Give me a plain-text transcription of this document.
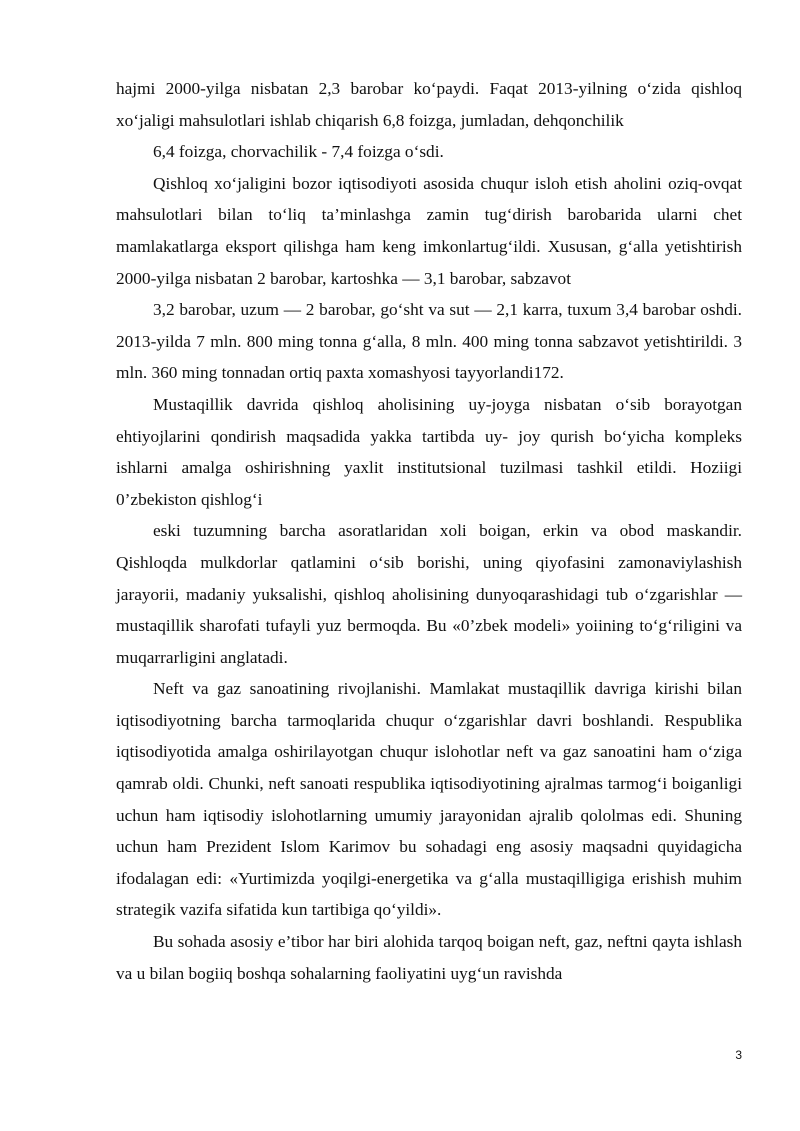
hajmi 2000-yilga nisbatan 2,3 barobar ko‘paydi. Faqat 2013-yilning o‘zida qishloq xo‘jaligi mahsulotlari ishlab chiqarish 6,8 foizga, jumladan, dehqonchilik

6,4 foizga, chorvachilik - 7,4 foizga o‘sdi.

Qishloq xo‘jaligini bozor iqtisodiyoti asosida chuqur isloh etish aholini oziq-ovqat mahsulotlari bilan to‘liq ta’minlashga zamin tug‘dirish barobarida ularni chet mamlakatlarga eksport qilishga ham keng imkonlartug‘ildi. Xususan, g‘alla yetishtirish 2000-yilga nisbatan 2 barobar, kartoshka — 3,1 barobar, sabzavot

3,2 barobar, uzum — 2 barobar, go‘sht va sut — 2,1 karra, tuxum 3,4 barobar oshdi. 2013-yilda 7 mln. 800 ming tonna g‘alla, 8 mln. 400 ming tonna sabzavot yetishtirildi. 3 mln. 360 ming tonnadan ortiq paxta xomashyosi tayyorlandi172.

Mustaqillik davrida qishloq aholisining uy-joyga nisbatan o‘sib borayotgan ehtiyojlarini qondirish maqsadida yakka tartibda uy- joy qurish bo‘yicha kompleks ishlarni amalga oshirishning yaxlit institutsional tuzilmasi tashkil etildi. Hoziigi 0’zbekiston qishlog‘i

eski tuzumning barcha asoratlaridan xoli boigan, erkin va obod maskandir. Qishloqda mulkdorlar qatlamini o‘sib borishi, uning qiyofasini zamonaviylashish jarayorii, madaniy yuksalishi, qishloq aholisining dunyoqarashidagi tub o‘zgarishlar — mustaqillik sharofati tufayli yuz bermoqda. Bu «0’zbek modeli» yoiining to‘g‘riligini va muqarrarligini anglatadi.

Neft va gaz sanoatining rivojlanishi. Mamlakat mustaqillik davriga kirishi bilan iqtisodiyotning barcha tarmoqlarida chuqur o‘zgarishlar davri boshlandi. Respublika iqtisodiyotida amalga oshirilayotgan chuqur islohotlar neft va gaz sanoatini ham o‘ziga qamrab oldi. Chunki, neft sanoati respublika iqtisodiyotining ajralmas tarmog‘i boiganligi uchun ham iqtisodiy islohotlarning umumiy jarayonidan ajralib qololmas edi. Shuning uchun ham Prezident Islom Karimov bu sohadagi eng asosiy maqsadni quyidagicha ifodalagan edi: «Yurtimizda yoqilgi-energetika va g‘alla mustaqilligiga erishish muhim strategik vazifa sifatida kun tartibiga qo‘yildi».

Bu sohada asosiy e’tibor har biri alohida tarqoq boigan neft, gaz, neftni qayta ishlash va u bilan bogiiq boshqa sohalarning faoliyatini uyg‘un ravishda

3
